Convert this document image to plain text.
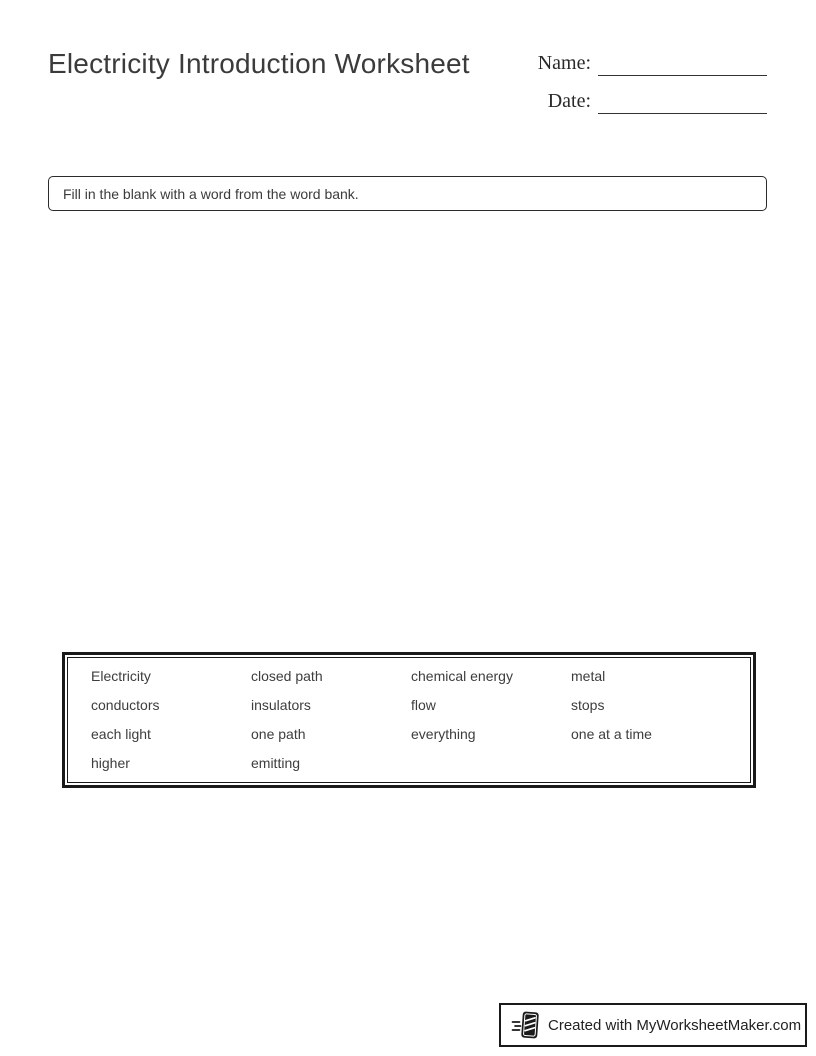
Electricity Introduction Worksheet	Name:
Date:
Fill in the blank with a word from the word bank.
Electricity	closed path	chemical energy	metal
conductors	insulators	flow	stops
each light	one path	everything	one at a time
higher	emitting
Created with MyWorksheetMaker.com
